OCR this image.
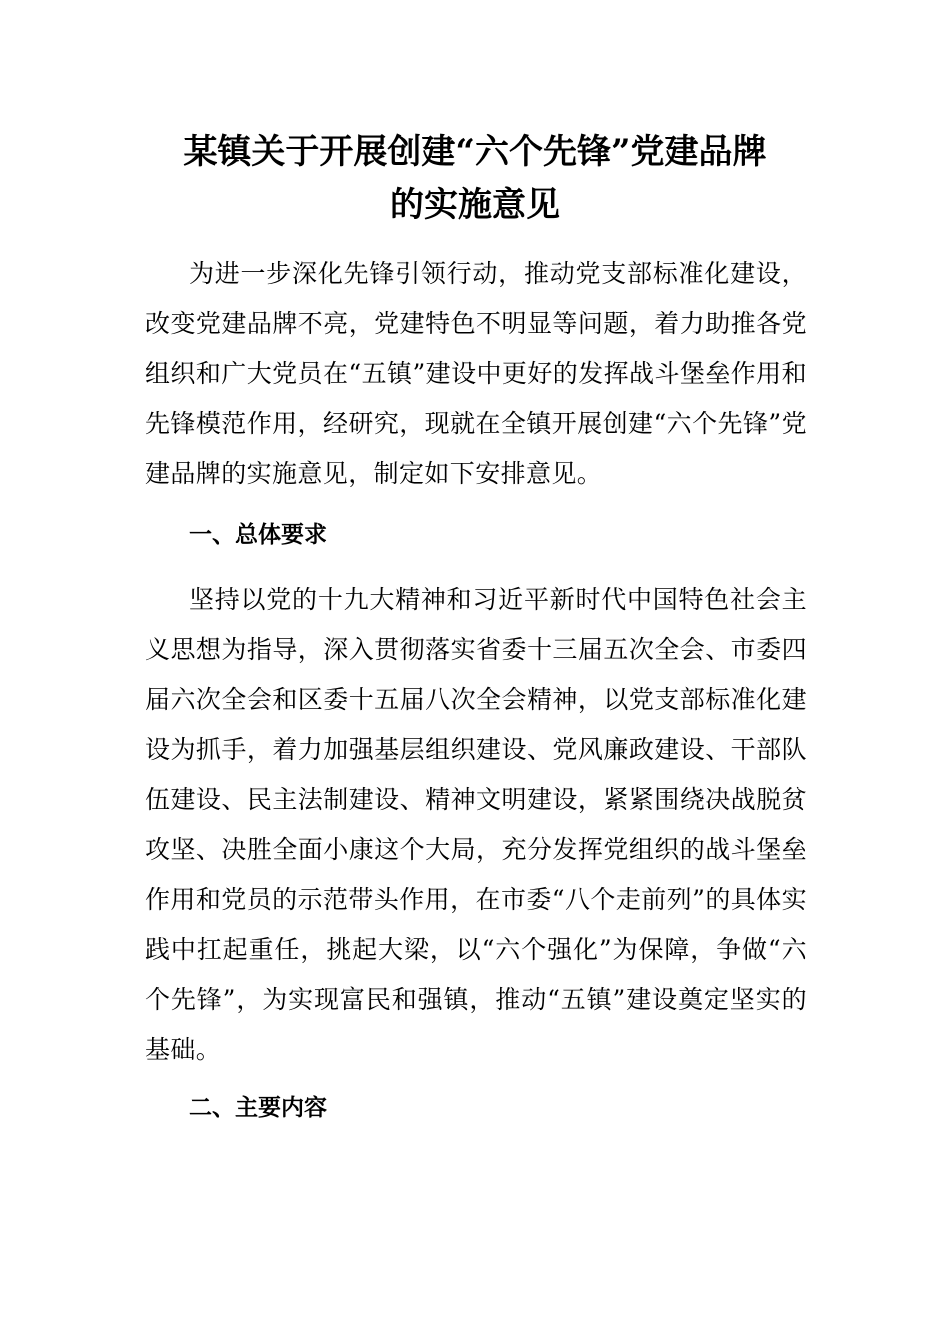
某镇关于开展创建“六个先锋”党建品牌
的实施意见

为进一步深化先锋引领行动，推动党支部标准化建设，改变党建品牌不亮，党建特色不明显等问题，着力助推各党组织和广大党员在“五镇”建设中更好的发挥战斗堡垒作用和先锋模范作用，经研究，现就在全镇开展创建“六个先锋”党建品牌的实施意见，制定如下安排意见。

一、总体要求

坚持以党的十九大精神和习近平新时代中国特色社会主义思想为指导，深入贯彻落实省委十三届五次全会、市委四届六次全会和区委十五届八次全会精神，以党支部标准化建设为抓手，着力加强基层组织建设、党风廉政建设、干部队伍建设、民主法制建设、精神文明建设，紧紧围绕决战脱贫攻坚、决胜全面小康这个大局，充分发挥党组织的战斗堡垒作用和党员的示范带头作用，在市委“八个走前列”的具体实践中扛起重任，挑起大梁，以“六个强化”为保障，争做“六个先锋”，为实现富民和强镇，推动“五镇”建设奠定坚实的基础。

二、主要内容
